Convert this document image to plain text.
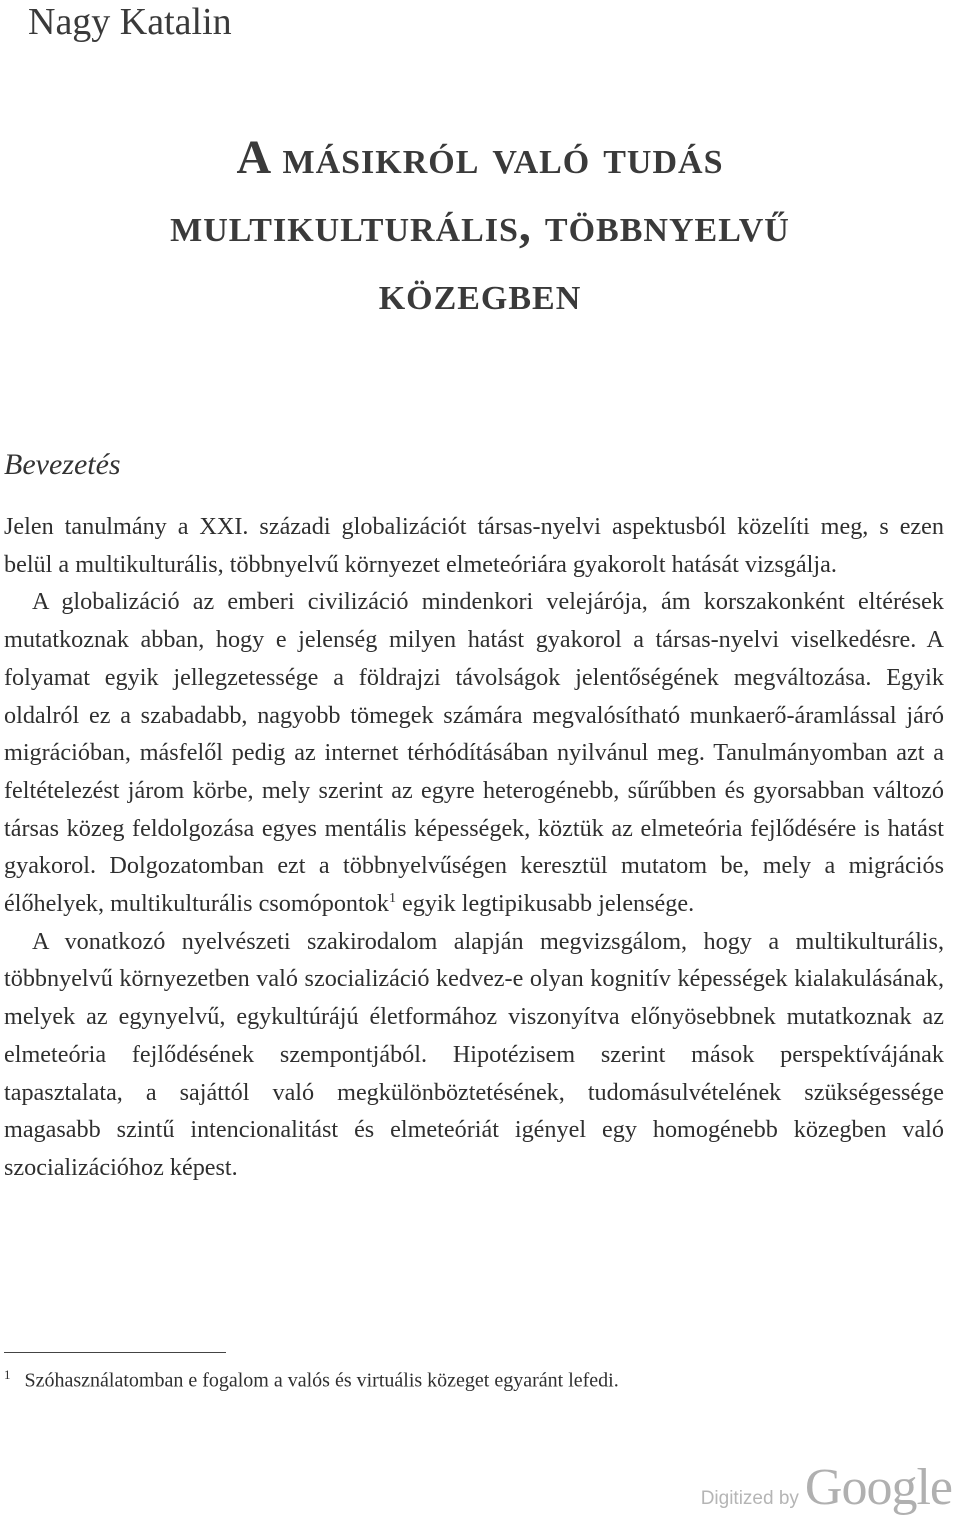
Nagy Katalin
A másikról való tudás
multikulturális, többnyelvű
közegben
Bevezetés

Jelen tanulmány a XXI. századi globalizációt társas-nyelvi aspektusból közelíti meg, s ezen belül a multikulturális, többnyelvű környezet elmeteóriára gyakorolt hatását vizsgálja.

A globalizáció az emberi civilizáció mindenkori velejárója, ám korszakonként eltérések mutatkoznak abban, hogy e jelenség milyen hatást gyakorol a társas-nyelvi viselkedésre. A folyamat egyik jellegzetessége a földrajzi távolságok jelentőségének megváltozása. Egyik oldalról ez a szabadabb, nagyobb tömegek számára megvalósítható munkaerő-áramlással járó migrációban, másfelől pedig az internet térhódításában nyilvánul meg. Tanulmányomban azt a feltételezést járom körbe, mely szerint az egyre heterogénebb, sűrűbben és gyorsabban változó társas közeg feldolgozása egyes mentális képességek, köztük az elmeteória fejlődésére is hatást gyakorol. Dolgozatomban ezt a többnyelvűségen keresztül mutatom be, mely a migrációs élőhelyek, multikulturális csomópontok$^1$ egyik legtipikusabb jelensége.

A vonatkozó nyelvészeti szakirodalom alapján megvizsgálom, hogy a multikulturális, többnyelvű környezetben való szocializáció kedvez-e olyan kognitív képességek kialakulásának, melyek az egynyelvű, egykultúrájú életformához viszonyítva előnyösebbnek mutatkoznak az elmeteória fejlődésének szempontjából. Hipotézisem szerint mások perspektívájának tapasztalata, a sajáttól való megkülönböztetésének, tudomásulvételének szükségessége magasabb szintű intencionalitást és elmeteóriát igényel egy homogénebb közegben való szocializációhoz képest.

$^1$ Szóhasználatomban e fogalom a valós és virtuális közeget egyaránt lefedi.
Digitized by Google
